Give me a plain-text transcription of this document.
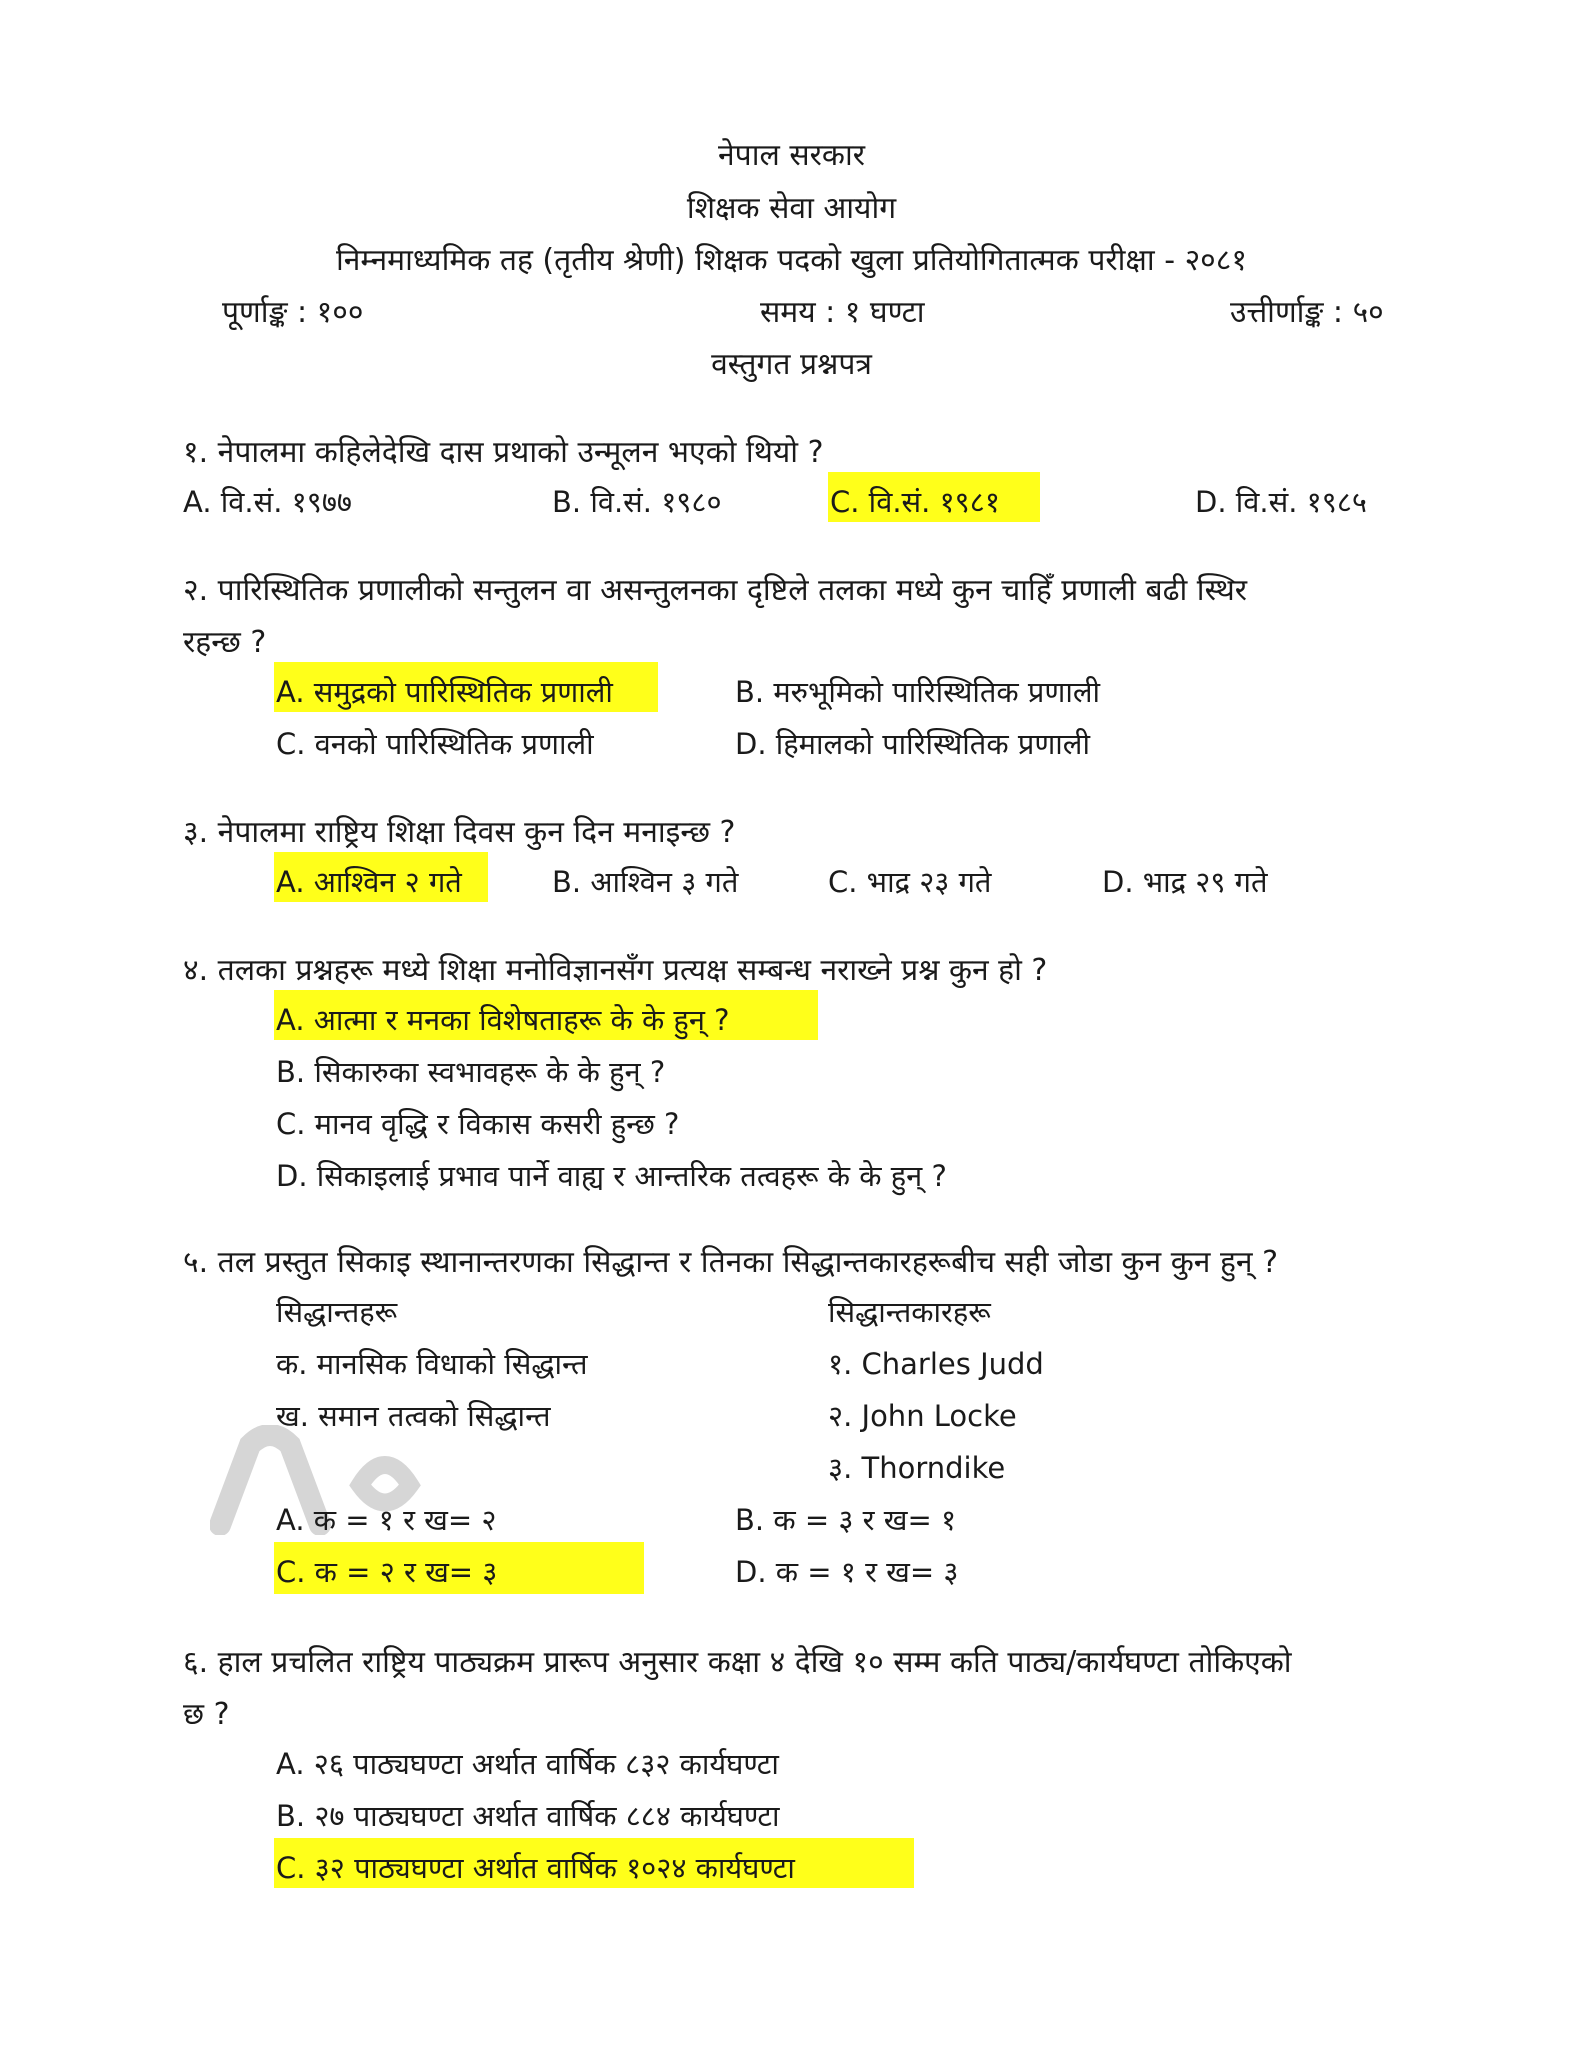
नेपाल सरकार
शिक्षक सेवा आयोग
निम्नमाध्यमिक तह (तृतीय श्रेणी) शिक्षक पदको खुला प्रतियोगितात्मक परीक्षा - २०८१
पूर्णाङ्क : १००	समय : १ घण्टा	उत्तीर्णाङ्क : ५०
वस्तुगत प्रश्नपत्र
१. नेपालमा कहिलेदेखि दास प्रथाको उन्मूलन भएको थियो ?
A. वि.सं. १९७७	B. वि.सं. १९८०	C. वि.सं. १९८१	D. वि.सं. १९८५
२. पारिस्थितिक प्रणालीको सन्तुलन वा असन्तुलनका दृष्टिले तलका मध्ये कुन चाहिँ प्रणाली बढी स्थिर
रहन्छ ?
A. समुद्रको पारिस्थितिक प्रणाली	B. मरुभूमिको पारिस्थितिक प्रणाली
C. वनको पारिस्थितिक प्रणाली	D. हिमालको पारिस्थितिक प्रणाली
३. नेपालमा राष्ट्रिय शिक्षा दिवस कुन दिन मनाइन्छ ?
A. आश्विन २ गते	B. आश्विन ३ गते	C. भाद्र २३ गते	D. भाद्र २९ गते
४. तलका प्रश्नहरू मध्ये शिक्षा मनोविज्ञानसँग प्रत्यक्ष सम्बन्ध नराख्ने प्रश्न कुन हो ?
A. आत्मा र मनका विशेषताहरू के के हुन् ?
B. सिकारुका स्वभावहरू के के हुन् ?
C. मानव वृद्धि र विकास कसरी हुन्छ ?
D. सिकाइलाई प्रभाव पार्ने वाह्य र आन्तरिक तत्वहरू के के हुन् ?
५. तल प्रस्तुत सिकाइ स्थानान्तरणका सिद्धान्त र तिनका सिद्धान्तकारहरूबीच सही जोडा कुन कुन हुन् ?
सिद्धान्तहरू	सिद्धान्तकारहरू
क. मानसिक विधाको सिद्धान्त	१. Charles Judd
ख. समान तत्वको सिद्धान्त	२. John Locke
३. Thorndike
A. क = १ र ख= २	B. क = ३ र ख= १
C. क = २ र ख= ३	D. क = १ र ख= ३
६. हाल प्रचलित राष्ट्रिय पाठ्यक्रम प्रारूप अनुसार कक्षा ४ देखि १० सम्म कति पाठ्य/कार्यघण्टा तोकिएको
छ ?
A. २६ पाठ्यघण्टा अर्थात वार्षिक ८३२ कार्यघण्टा
B. २७ पाठ्यघण्टा अर्थात वार्षिक ८८४ कार्यघण्टा
C. ३२ पाठ्यघण्टा अर्थात वार्षिक १०२४ कार्यघण्टा
